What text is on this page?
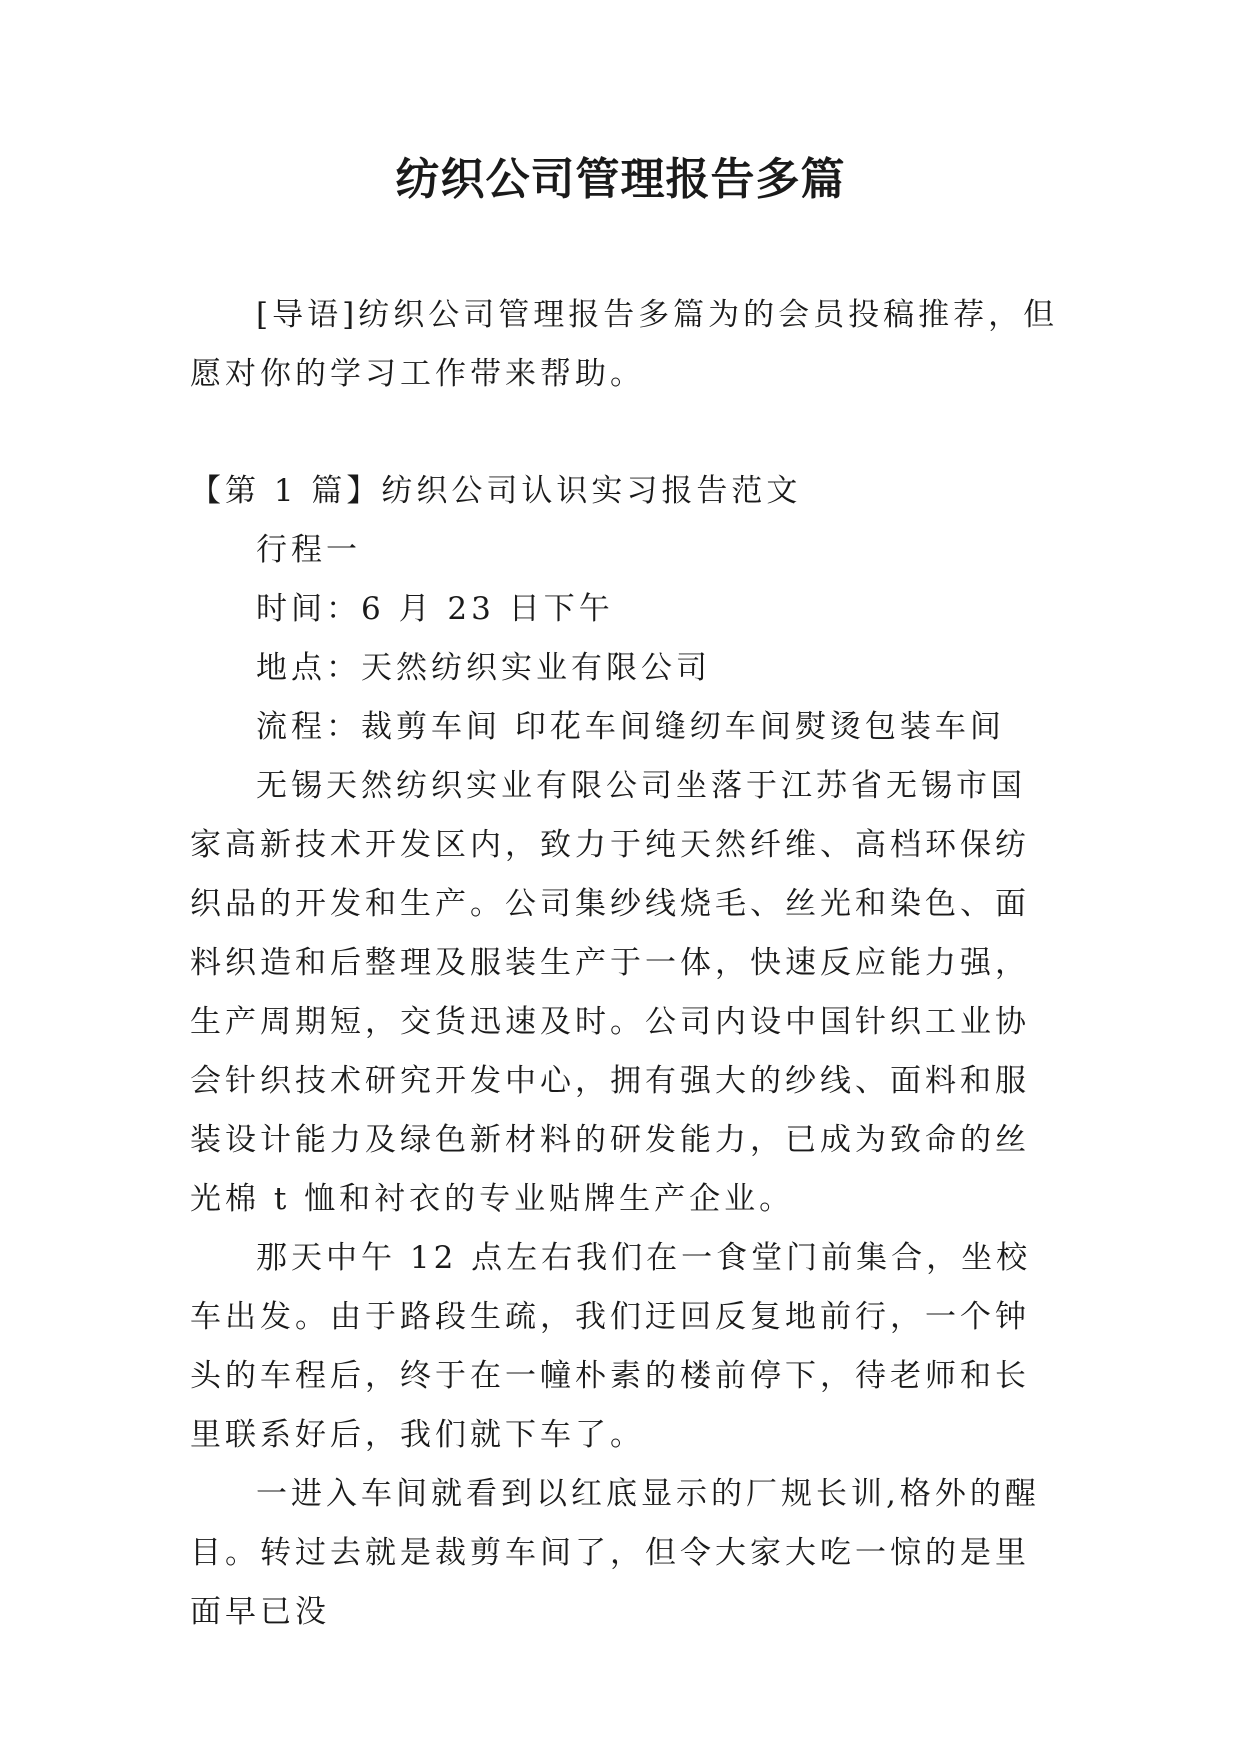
纺织公司管理报告多篇

[导语]纺织公司管理报告多篇为的会员投稿推荐，但愿对你的学习工作带来帮助。

【第 1 篇】纺织公司认识实习报告范文

行程一

时间：6 月 23 日下午

地点：天然纺织实业有限公司

流程：裁剪车间 印花车间缝纫车间熨烫包装车间

无锡天然纺织实业有限公司坐落于江苏省无锡市国家高新技术开发区内，致力于纯天然纤维、高档环保纺织品的开发和生产。公司集纱线烧毛、丝光和染色、面料织造和后整理及服装生产于一体，快速反应能力强，生产周期短，交货迅速及时。公司内设中国针织工业协会针织技术研究开发中心，拥有强大的纱线、面料和服装设计能力及绿色新材料的研发能力，已成为致命的丝光棉 t 恤和衬衣的专业贴牌生产企业。

那天中午 12 点左右我们在一食堂门前集合，坐校车出发。由于路段生疏，我们迂回反复地前行，一个钟头的车程后，终于在一幢朴素的楼前停下，待老师和长里联系好后，我们就下车了。

一进入车间就看到以红底显示的厂规长训,格外的醒目。转过去就是裁剪车间了，但令大家大吃一惊的是里面早已没
